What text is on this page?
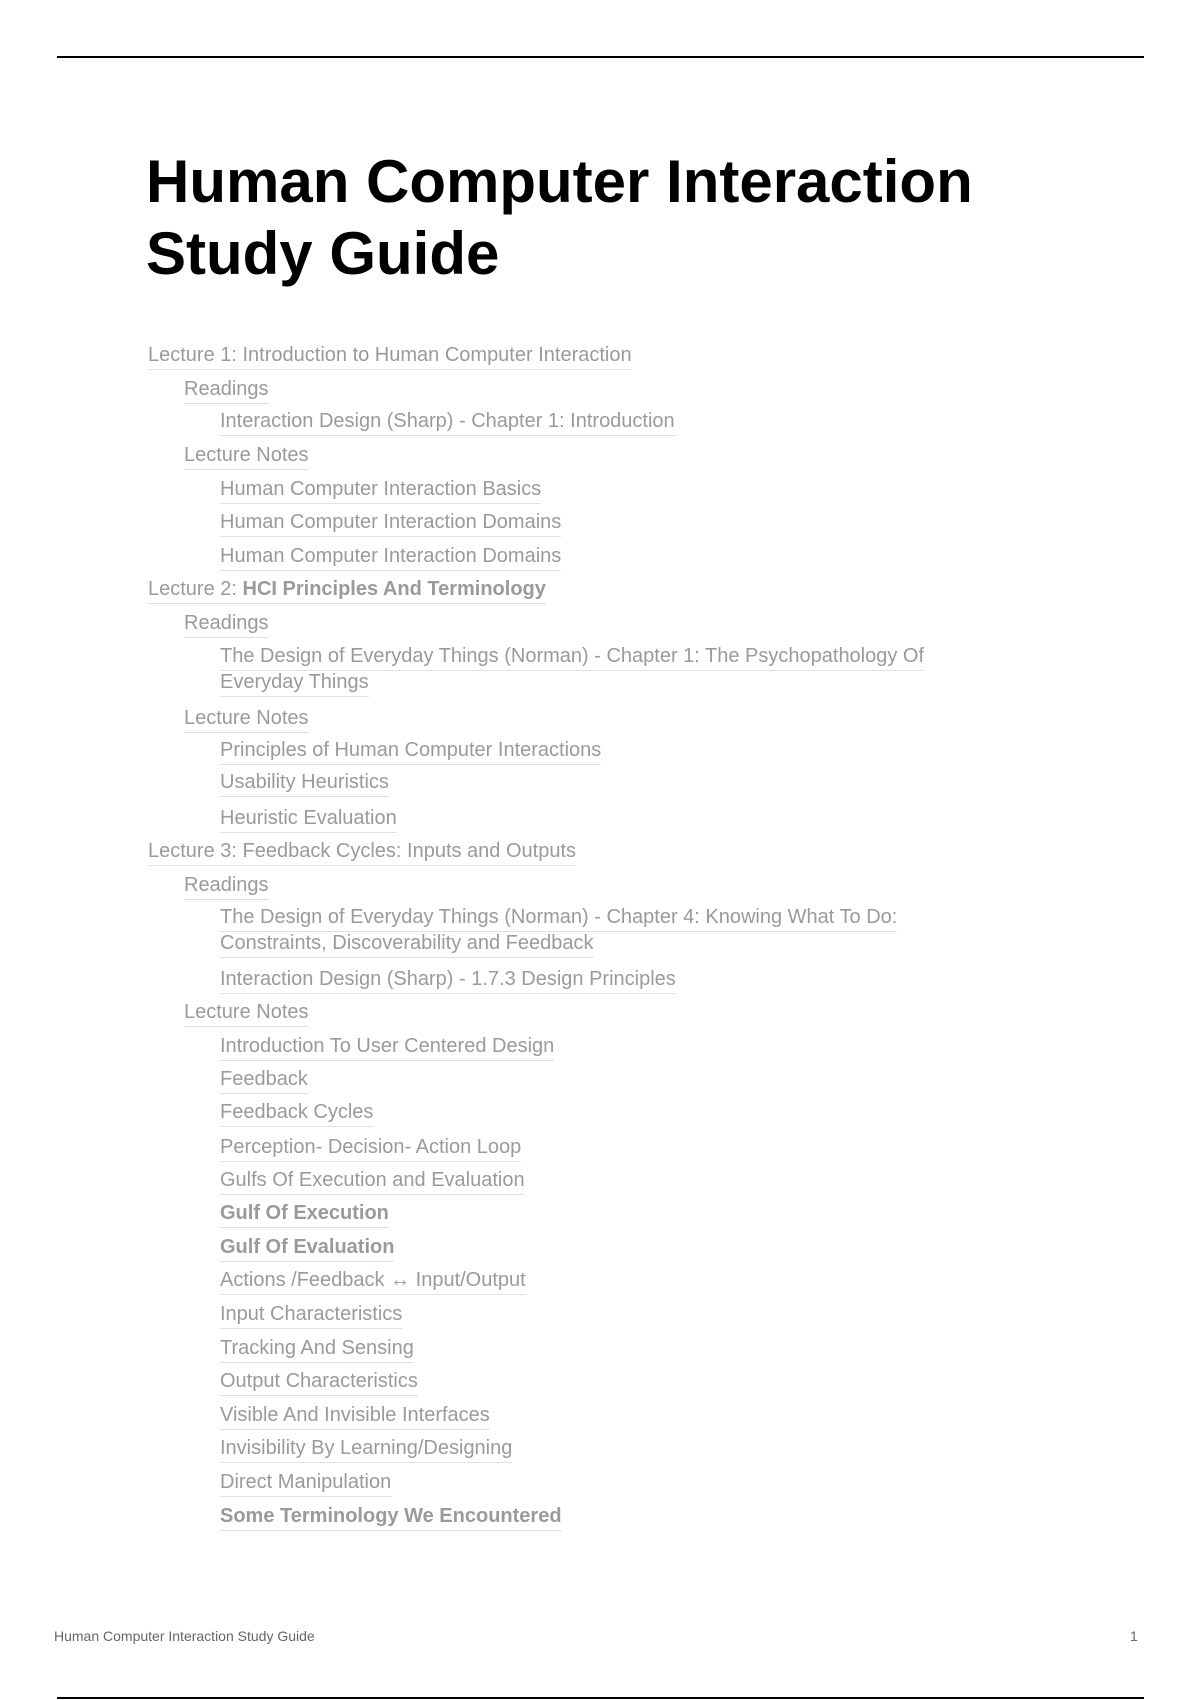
Human Computer Interaction
Study Guide
Lecture 1: Introduction to Human Computer Interaction
Readings
Interaction Design (Sharp) - Chapter 1: Introduction
Lecture Notes
Human Computer Interaction Basics
Human Computer Interaction Domains
Human Computer Interaction Domains
Lecture 2: HCI Principles And Terminology
Readings
The Design of Everyday Things (Norman) - Chapter 1: The Psychopathology Of
Everyday Things
Lecture Notes
Principles of Human Computer Interactions
Usability Heuristics
Heuristic Evaluation
Lecture 3: Feedback Cycles: Inputs and Outputs
Readings
The Design of Everyday Things (Norman) - Chapter 4: Knowing What To Do:
Constraints, Discoverability and Feedback
Interaction Design (Sharp) - 1.7.3 Design Principles
Lecture Notes
Introduction To User Centered Design
Feedback
Feedback Cycles
Perception- Decision- Action Loop
Gulfs Of Execution and Evaluation
Gulf Of Execution
Gulf Of Evaluation
Actions /Feedback ↔ Input/Output
Input Characteristics
Tracking And Sensing
Output Characteristics
Visible And Invisible Interfaces
Invisibility By Learning/Designing
Direct Manipulation
Some Terminology We Encountered
Human Computer Interaction Study Guide	1
